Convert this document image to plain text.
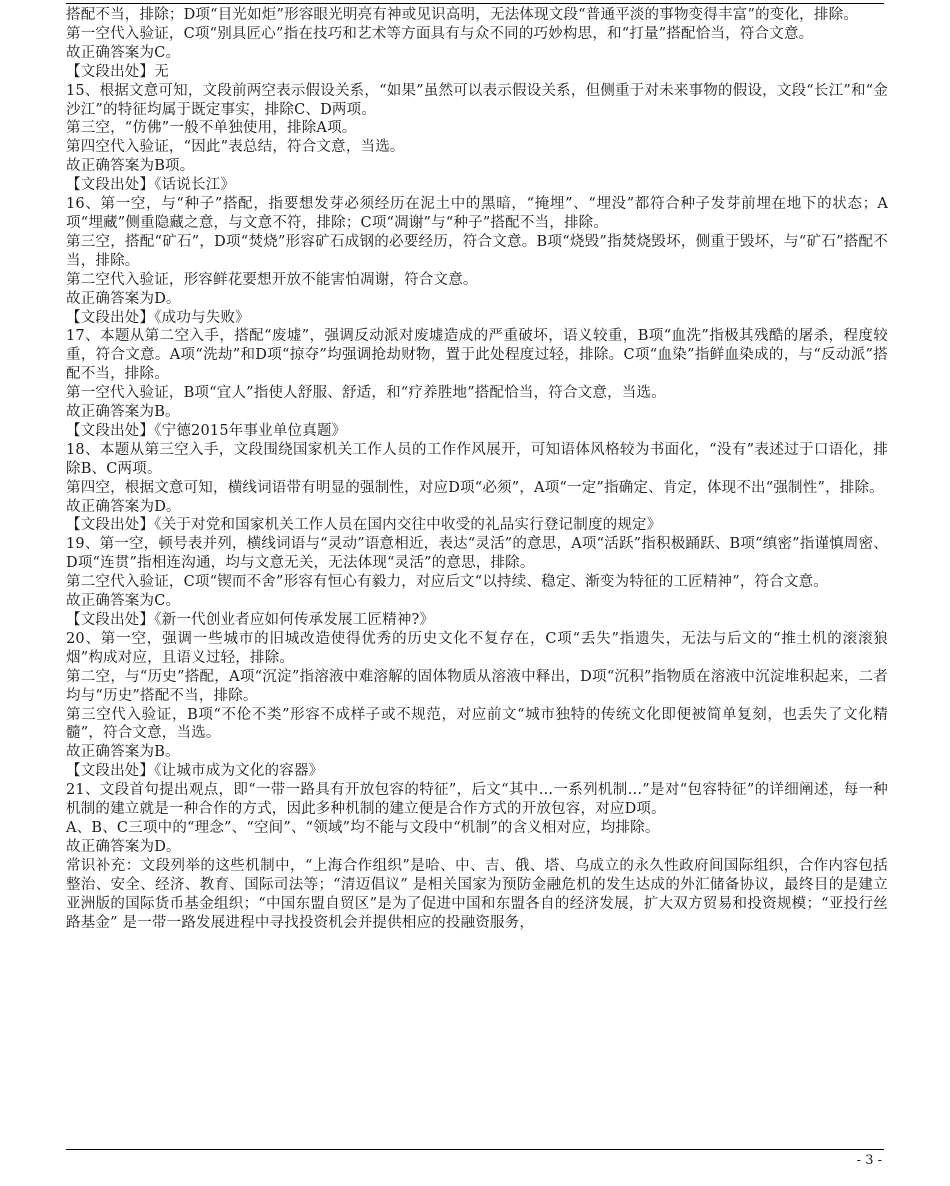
搭配不当，排除；D项“目光如炬”形容眼光明亮有神或见识高明，无法体现文段“普通平淡的事物变得丰富”的变化，排除。

第一空代入验证，C项“别具匠心”指在技巧和艺术等方面具有与众不同的巧妙构思，和“打量”搭配恰当，符合文意。

故正确答案为C。

【文段出处】无

15、根据文意可知，文段前两空表示假设关系，“如果”虽然可以表示假设关系，但侧重于对未来事物的假设，文段“长江”和“金沙江”的特征均属于既定事实，排除C、D两项。

第三空，“仿佛”一般不单独使用，排除A项。

第四空代入验证，“因此”表总结，符合文意，当选。

故正确答案为B项。

【文段出处】《话说长江》

16、第一空，与“种子”搭配，指要想发芽必须经历在泥土中的黑暗，“掩埋”、“埋没”都符合种子发芽前埋在地下的状态；A项“埋藏”侧重隐藏之意，与文意不符，排除；C项“凋谢”与“种子”搭配不当，排除。

第三空，搭配“矿石”，D项“焚烧”形容矿石成钢的必要经历，符合文意。B项“烧毁”指焚烧毁坏，侧重于毁坏，与“矿石”搭配不当，排除。

第二空代入验证，形容鲜花要想开放不能害怕凋谢，符合文意。

故正确答案为D。

【文段出处】《成功与失败》

17、本题从第二空入手，搭配“废墟”，强调反动派对废墟造成的严重破坏，语义较重，B项“血洗”指极其残酷的屠杀，程度较重，符合文意。A项“洗劫”和D项“掠夺”均强调抢劫财物，置于此处程度过轻，排除。C项“血染”指鲜血染成的，与“反动派”搭配不当，排除。

第一空代入验证，B项“宜人”指使人舒服、舒适，和“疗养胜地”搭配恰当，符合文意，当选。

故正确答案为B。

【文段出处】《宁德2015年事业单位真题》

18、本题从第三空入手，文段围绕国家机关工作人员的工作作风展开，可知语体风格较为书面化，“没有”表述过于口语化，排除B、C两项。

第四空，根据文意可知，横线词语带有明显的强制性，对应D项“必须”，A项“一定”指确定、肯定，体现不出“强制性”，排除。

故正确答案为D。

【文段出处】《关于对党和国家机关工作人员在国内交往中收受的礼品实行登记制度的规定》

19、第一空，顿号表并列，横线词语与“灵动”语意相近，表达“灵活”的意思，A项“活跃”指积极踊跃、B项“缜密”指谨慎周密、D项“连贯”指相连沟通，均与文意无关，无法体现“灵活”的意思，排除。

第二空代入验证，C项“锲而不舍”形容有恒心有毅力，对应后文“以持续、稳定、渐变为特征的工匠精神”，符合文意。

故正确答案为C。

【文段出处】《新一代创业者应如何传承发展工匠精神?》

20、第一空，强调一些城市的旧城改造使得优秀的历史文化不复存在，C项“丢失”指遗失，无法与后文的“推土机的滚滚狼烟”构成对应，且语义过轻，排除。

第二空，与“历史”搭配，A项“沉淀”指溶液中难溶解的固体物质从溶液中释出，D项“沉积”指物质在溶液中沉淀堆积起来，二者均与“历史”搭配不当，排除。

第三空代入验证，B项“不伦不类”形容不成样子或不规范，对应前文“城市独特的传统文化即便被简单复刻，也丢失了文化精髓”，符合文意，当选。

故正确答案为B。

【文段出处】《让城市成为文化的容器》

21、文段首句提出观点，即“一带一路具有开放包容的特征”，后文“其中…一系列机制…”是对“包容特征”的详细阐述，每一种机制的建立就是一种合作的方式，因此多种机制的建立便是合作方式的开放包容，对应D项。

A、B、C三项中的“理念”、“空间”、“领域”均不能与文段中“机制”的含义相对应，均排除。

故正确答案为D。

常识补充：文段列举的这些机制中，“上海合作组织”是哈、中、吉、俄、塔、乌成立的永久性政府间国际组织，合作内容包括整治、安全、经济、教育、国际司法等；“清迈倡议” 是相关国家为预防金融危机的发生达成的外汇储备协议，最终目的是建立亚洲版的国际货币基金组织；“中国东盟自贸区”是为了促进中国和东盟各自的经济发展，扩大双方贸易和投资规模；“亚投行丝路基金” 是一带一路发展进程中寻找投资机会并提供相应的投融资服务，

- 3 -
